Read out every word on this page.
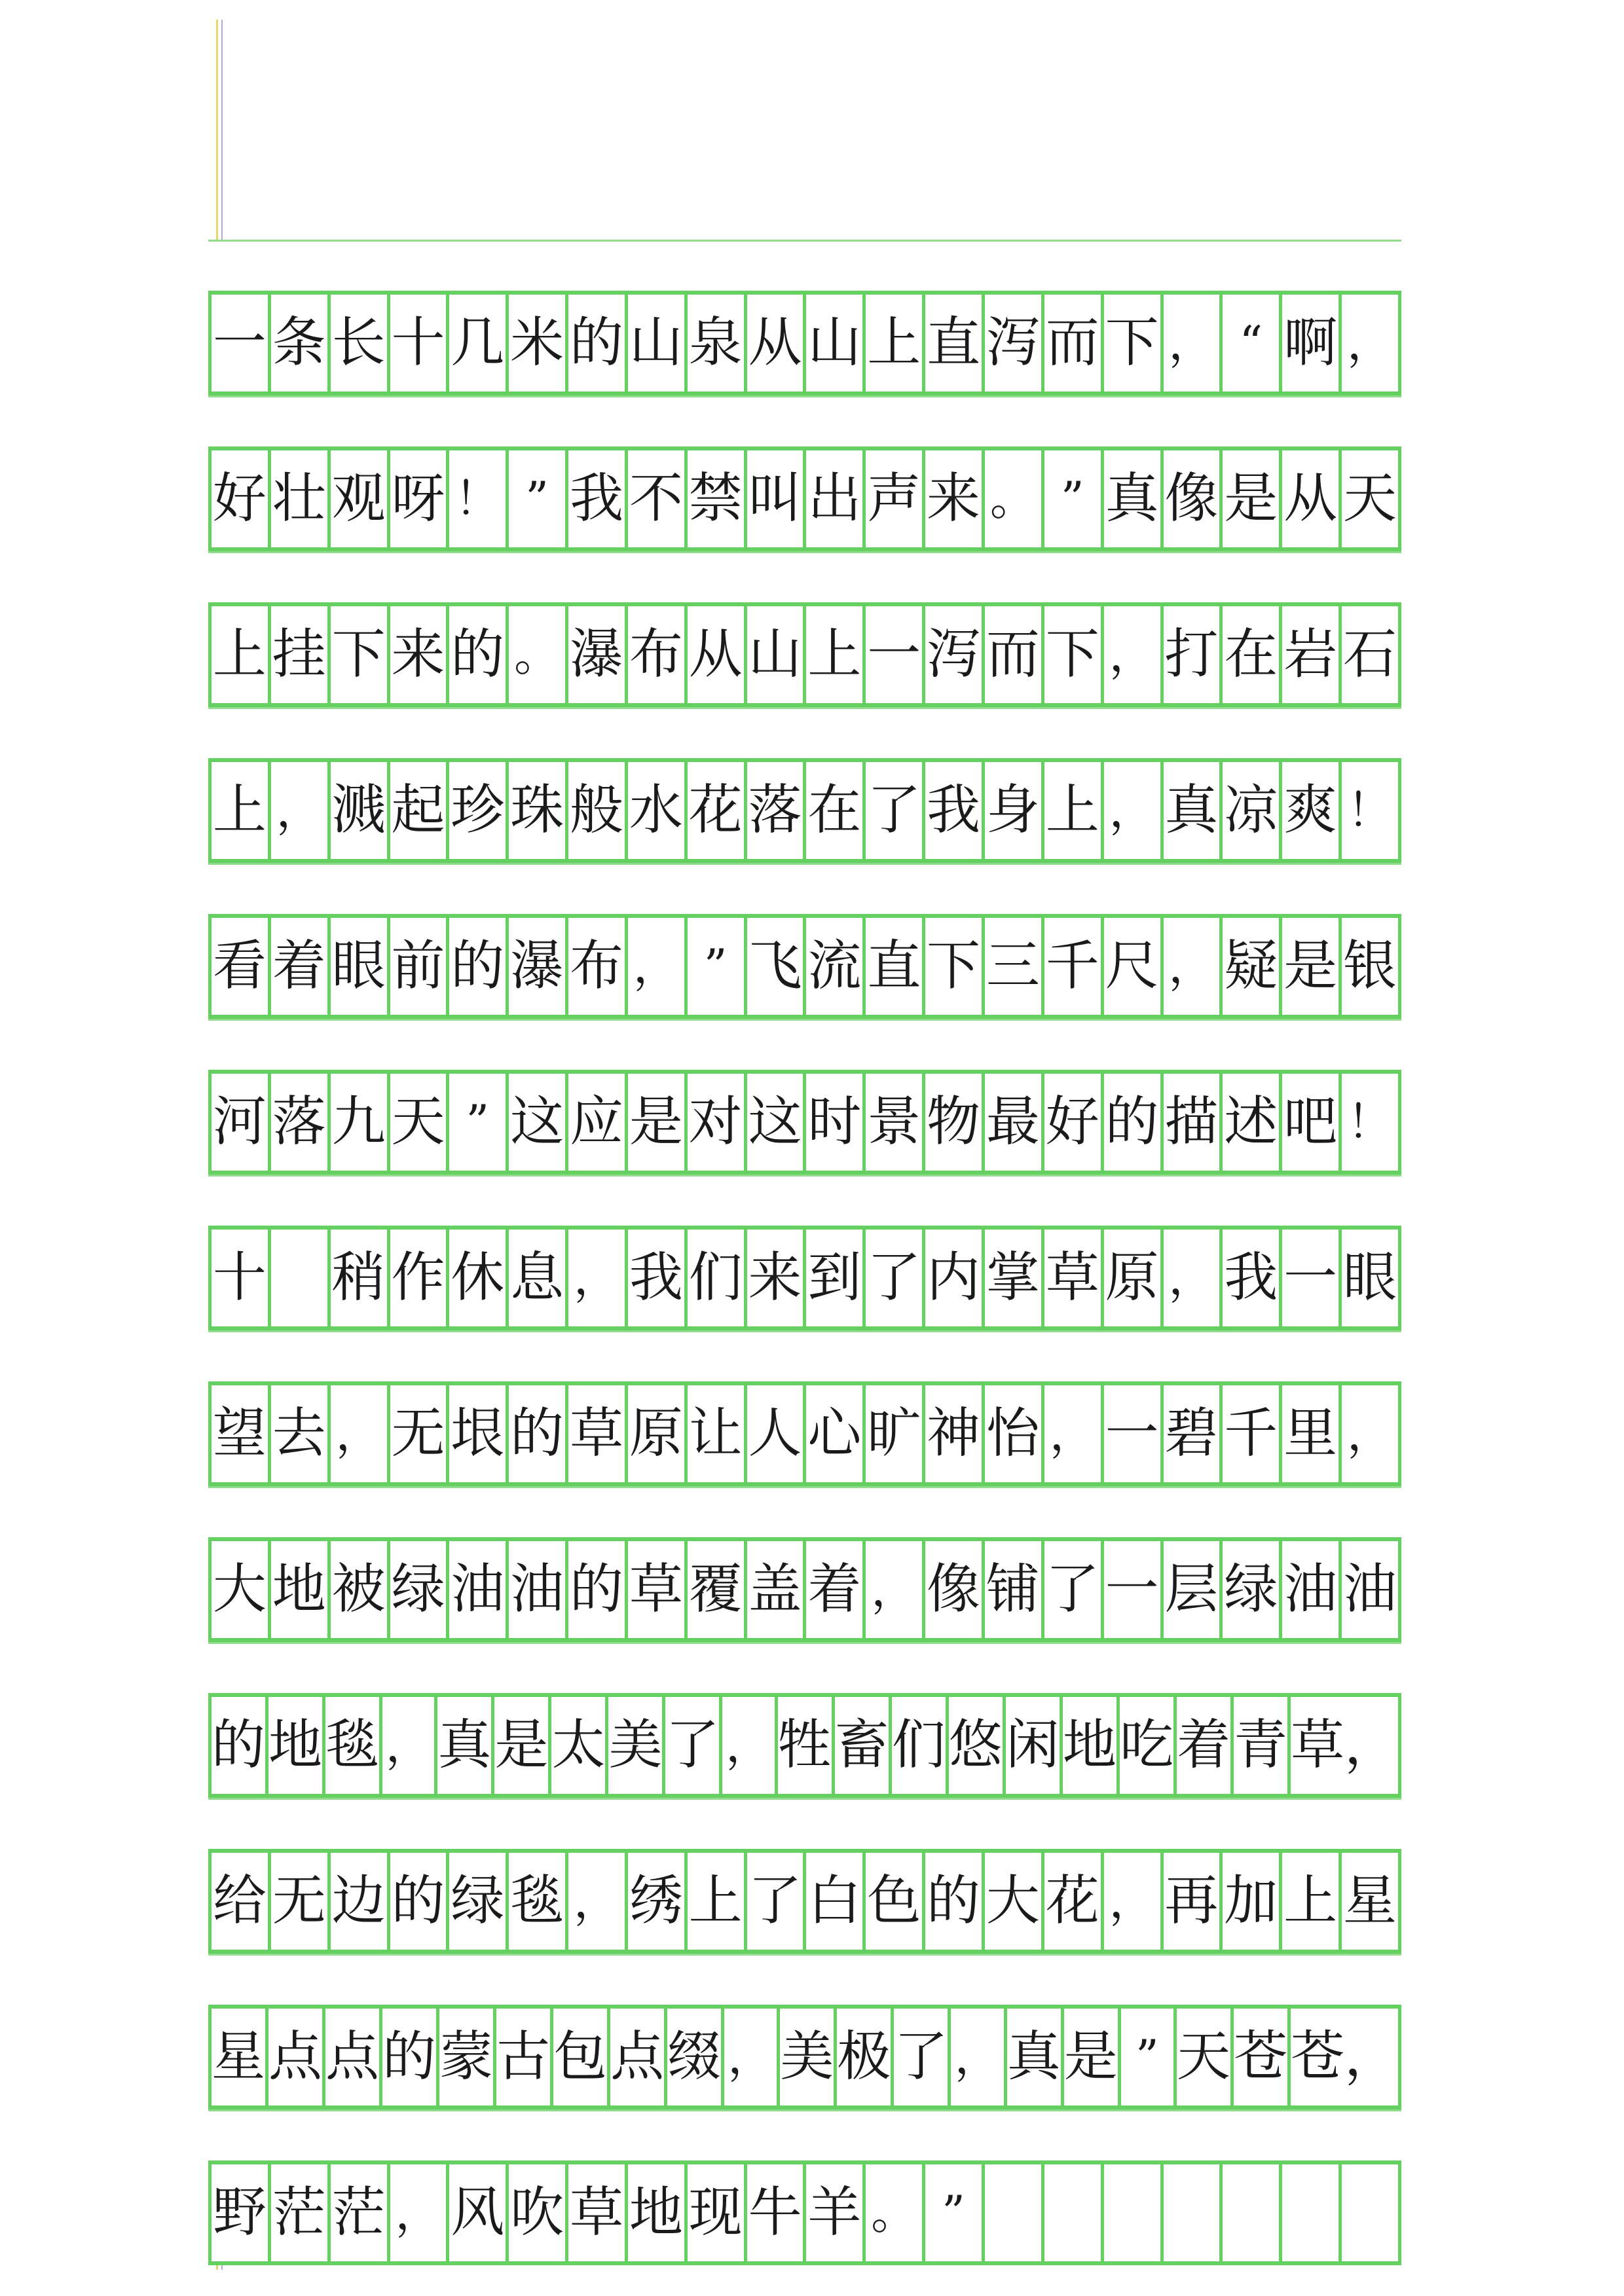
一 条 长 十 几 米 的 山 泉 从 山 上 直 泻 而 下 ， “ 啊 ，
好 壮 观 呀 ！ ” 我 不 禁 叫 出 声 来 。 ” 真 像 是 从 天
上 挂 下 来 的 。 瀑 布 从 山 上 一 泻 而 下 ， 打 在 岩 石
上 ， 溅 起 珍 珠 般 水 花 落 在 了 我 身 上 ， 真 凉 爽 ！
看 着 眼 前 的 瀑 布 ， ” 飞 流 直 下 三 千 尺 ， 疑 是 银
河 落 九 天 ” 这 应 是 对 这 时 景 物 最 好 的 描 述 吧 ！
十
　 稍 作 休 息 ， 我 们 来 到 了 内 掌 草 原 ， 我 一 眼
望 去 ， 无 垠 的 草 原 让 人 心 旷 神 怡 ， 一 碧 千 里 ，
大 地 被 绿 油 油 的 草 覆 盖 着 ， 像 铺 了 一 层 绿 油 油
的 地 毯 ， 真 是 太 美 了 ， 牲 畜 们 悠 闲 地 吃 着 青 草，
给 无 边 的 绿 毯 ， 绣 上 了 白 色 的 大 花 ， 再 加 上 星
星 点 点 的 蒙 古 包 点 缀 ， 美 极 了 ， 真 是 ” 天 苍 苍，
野 茫 茫 ， 风 吹 草 地 现 牛 羊 。 ”
